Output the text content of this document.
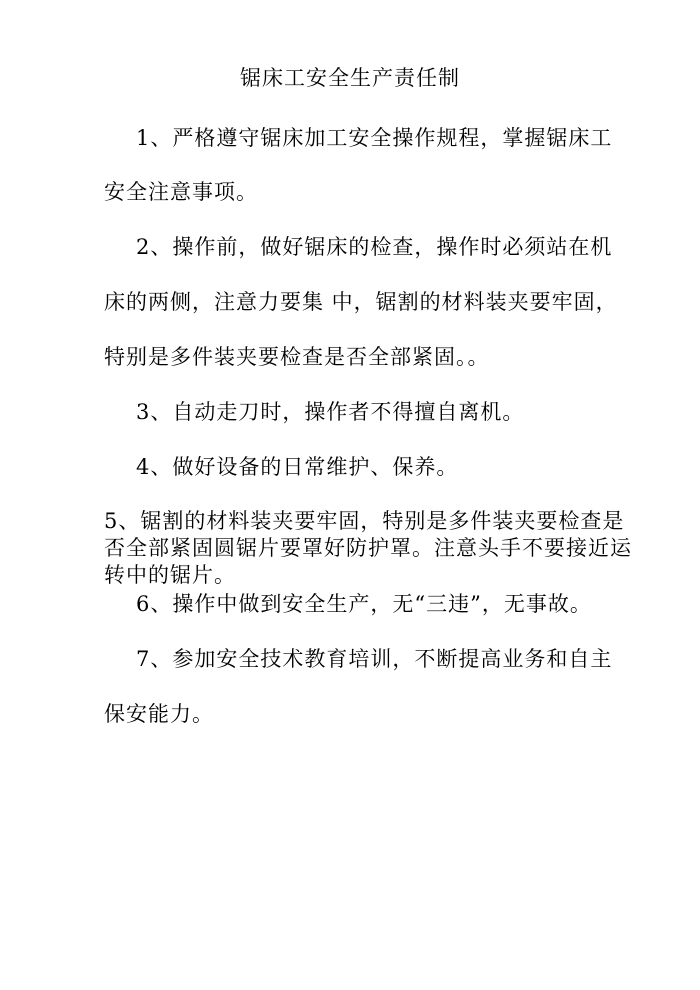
锯床工安全生产责任制
1、严格遵守锯床加工安全操作规程，掌握锯床工
安全注意事项。
2、操作前，做好锯床的检查，操作时必须站在机
床的两侧，注意力要集 中，锯割的材料装夹要牢固，
特别是多件装夹要检查是否全部紧固。。
3、自动走刀时，操作者不得擅自离机。
4、做好设备的日常维护、保养。
5、锯割的材料装夹要牢固，特别是多件装夹要检查是
否全部紧固圆锯片要罩好防护罩。注意头手不要接近运
转中的锯片。
6、操作中做到安全生产，无“三违”，无事故。
7、参加安全技术教育培训，不断提高业务和自主
保安能力。
